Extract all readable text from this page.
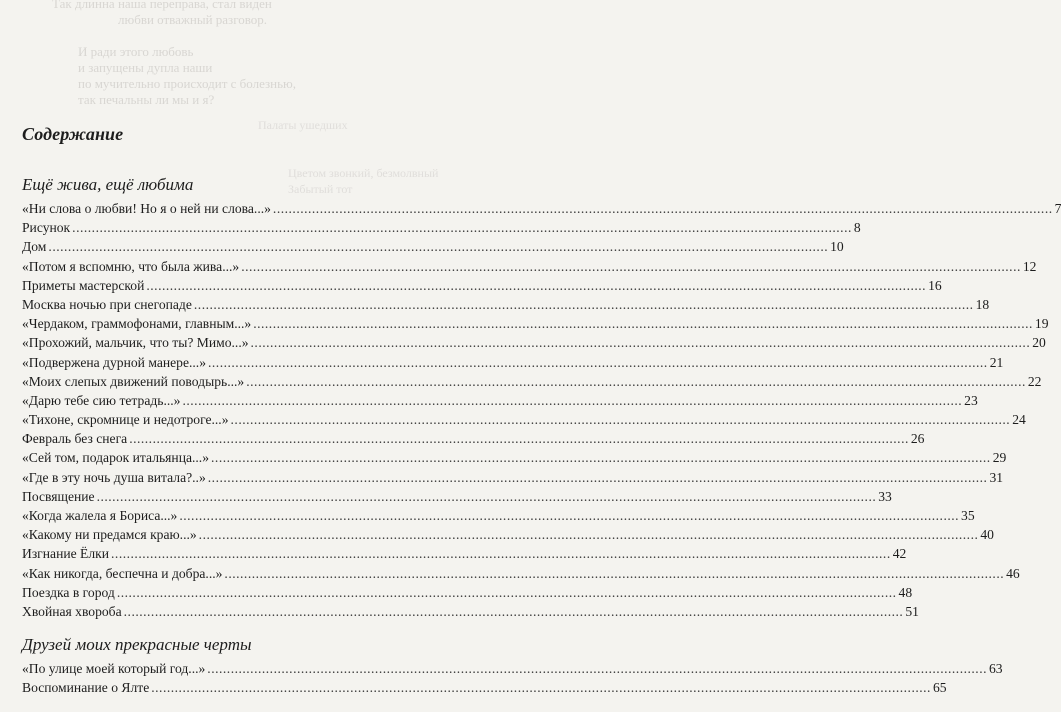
Так длинна наша переправа, стал виден
любви отважный разговор.
И ради этого любовь
и запущены дупла наши
по мучительно происходит с болезнью,
так печальны ли мы и я?
Палаты ушедших
Цветом звонкий, безмолвный
Забытый тот
Содержание
Ещё жива, ещё любима
«Ни слова о любви! Но я о ней ни слова...» .....	7
Рисунок .....	8
Дом .....	10
«Потом я вспомню, что была жива...» .....	12
Приметы мастерской .....	16
Москва ночью при снегопаде .....	18
«Чердаком, граммофонами, главным...» .....	19
«Прохожий, мальчик, что ты? Мимо...» .....	20
«Подвержена дурной манере...» .....	21
«Моих слепых движений поводырь...» .....	22
«Дарю тебе сию тетрадь...» .....	23
«Тихоне, скромнице и недотроге...» .....	24
Февраль без снега .....	26
«Сей том, подарок итальянца...» .....	29
«Где в эту ночь душа витала?..» .....	31
Посвящение .....	33
«Когда жалела я Бориса...» .....	35
«Какому ни предамся краю...» .....	40
Изгнание Ёлки .....	42
«Как никогда, беспечна и добра...» .....	46
Поездка в город .....	48
Хвойная хвороба .....	51
Друзей моих прекрасные черты
«По улице моей который год...» .....	63
Воспоминание о Ялте .....	65
